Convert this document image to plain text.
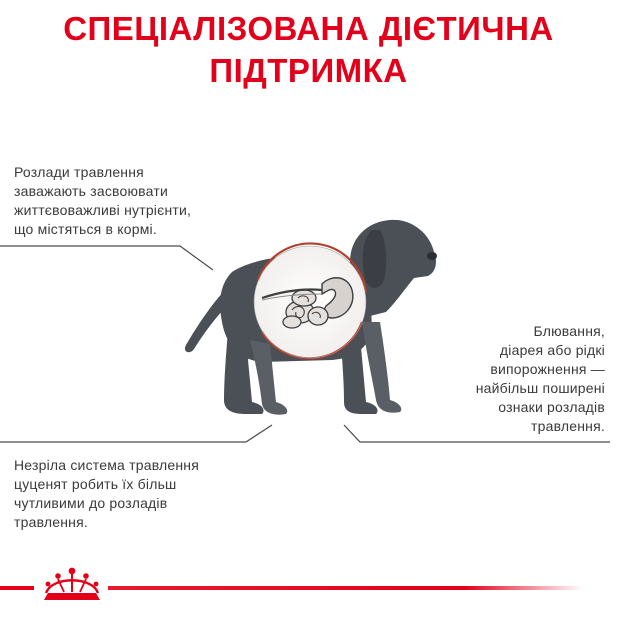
СПЕЦІАЛІЗОВАНА ДІЄТИЧНА
ПІДТРИМКА
Розлади травлення
заважають засвоювати
життєвоважливі нутрієнти,
що містяться в кормі.
Блювання,
діарея або рідкі
випорожнення —
найбільш поширені
ознаки розладів
травлення.
Незріла система травлення
цуценят робить їх більш
чутливими до розладів
травлення.
